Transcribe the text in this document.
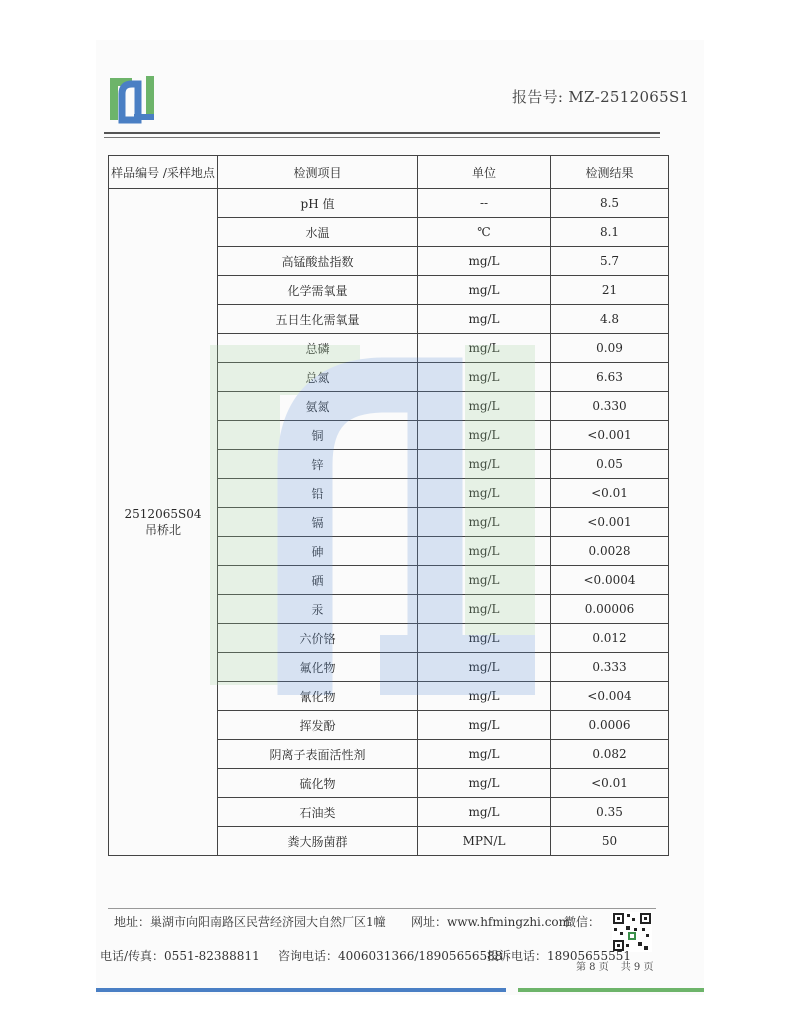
报告号: MZ-2512065S1
样品编号 /采样地点	检测项目	单位	检测结果

2512065S04
吊桥北	pH 值	--	8.5
	水温	℃	8.1
	高锰酸盐指数	mg/L	5.7
	化学需氧量	mg/L	21
	五日生化需氧量	mg/L	4.8
	总磷	mg/L	0.09
	总氮	mg/L	6.63
	氨氮	mg/L	0.330
	铜	mg/L	<0.001
	锌	mg/L	0.05
	铅	mg/L	<0.01
	镉	mg/L	<0.001
	砷	mg/L	0.0028
	硒	mg/L	<0.0004
	汞	mg/L	0.00006
	六价铬	mg/L	0.012
	氟化物	mg/L	0.333
	氰化物	mg/L	<0.004
	挥发酚	mg/L	0.0006
	阴离子表面活性剂	mg/L	0.082
	硫化物	mg/L	<0.01
	石油类	mg/L	0.35
	粪大肠菌群	MPN/L	50
地址：巢湖市向阳南路区民营经济园大自然厂区1幢 网址：www.hfmingzhi.com
微信：
电话/传真：0551-82388811 咨询电话：4006031366/18905656588
投诉电话：18905655551
第 8 页 共 9 页
